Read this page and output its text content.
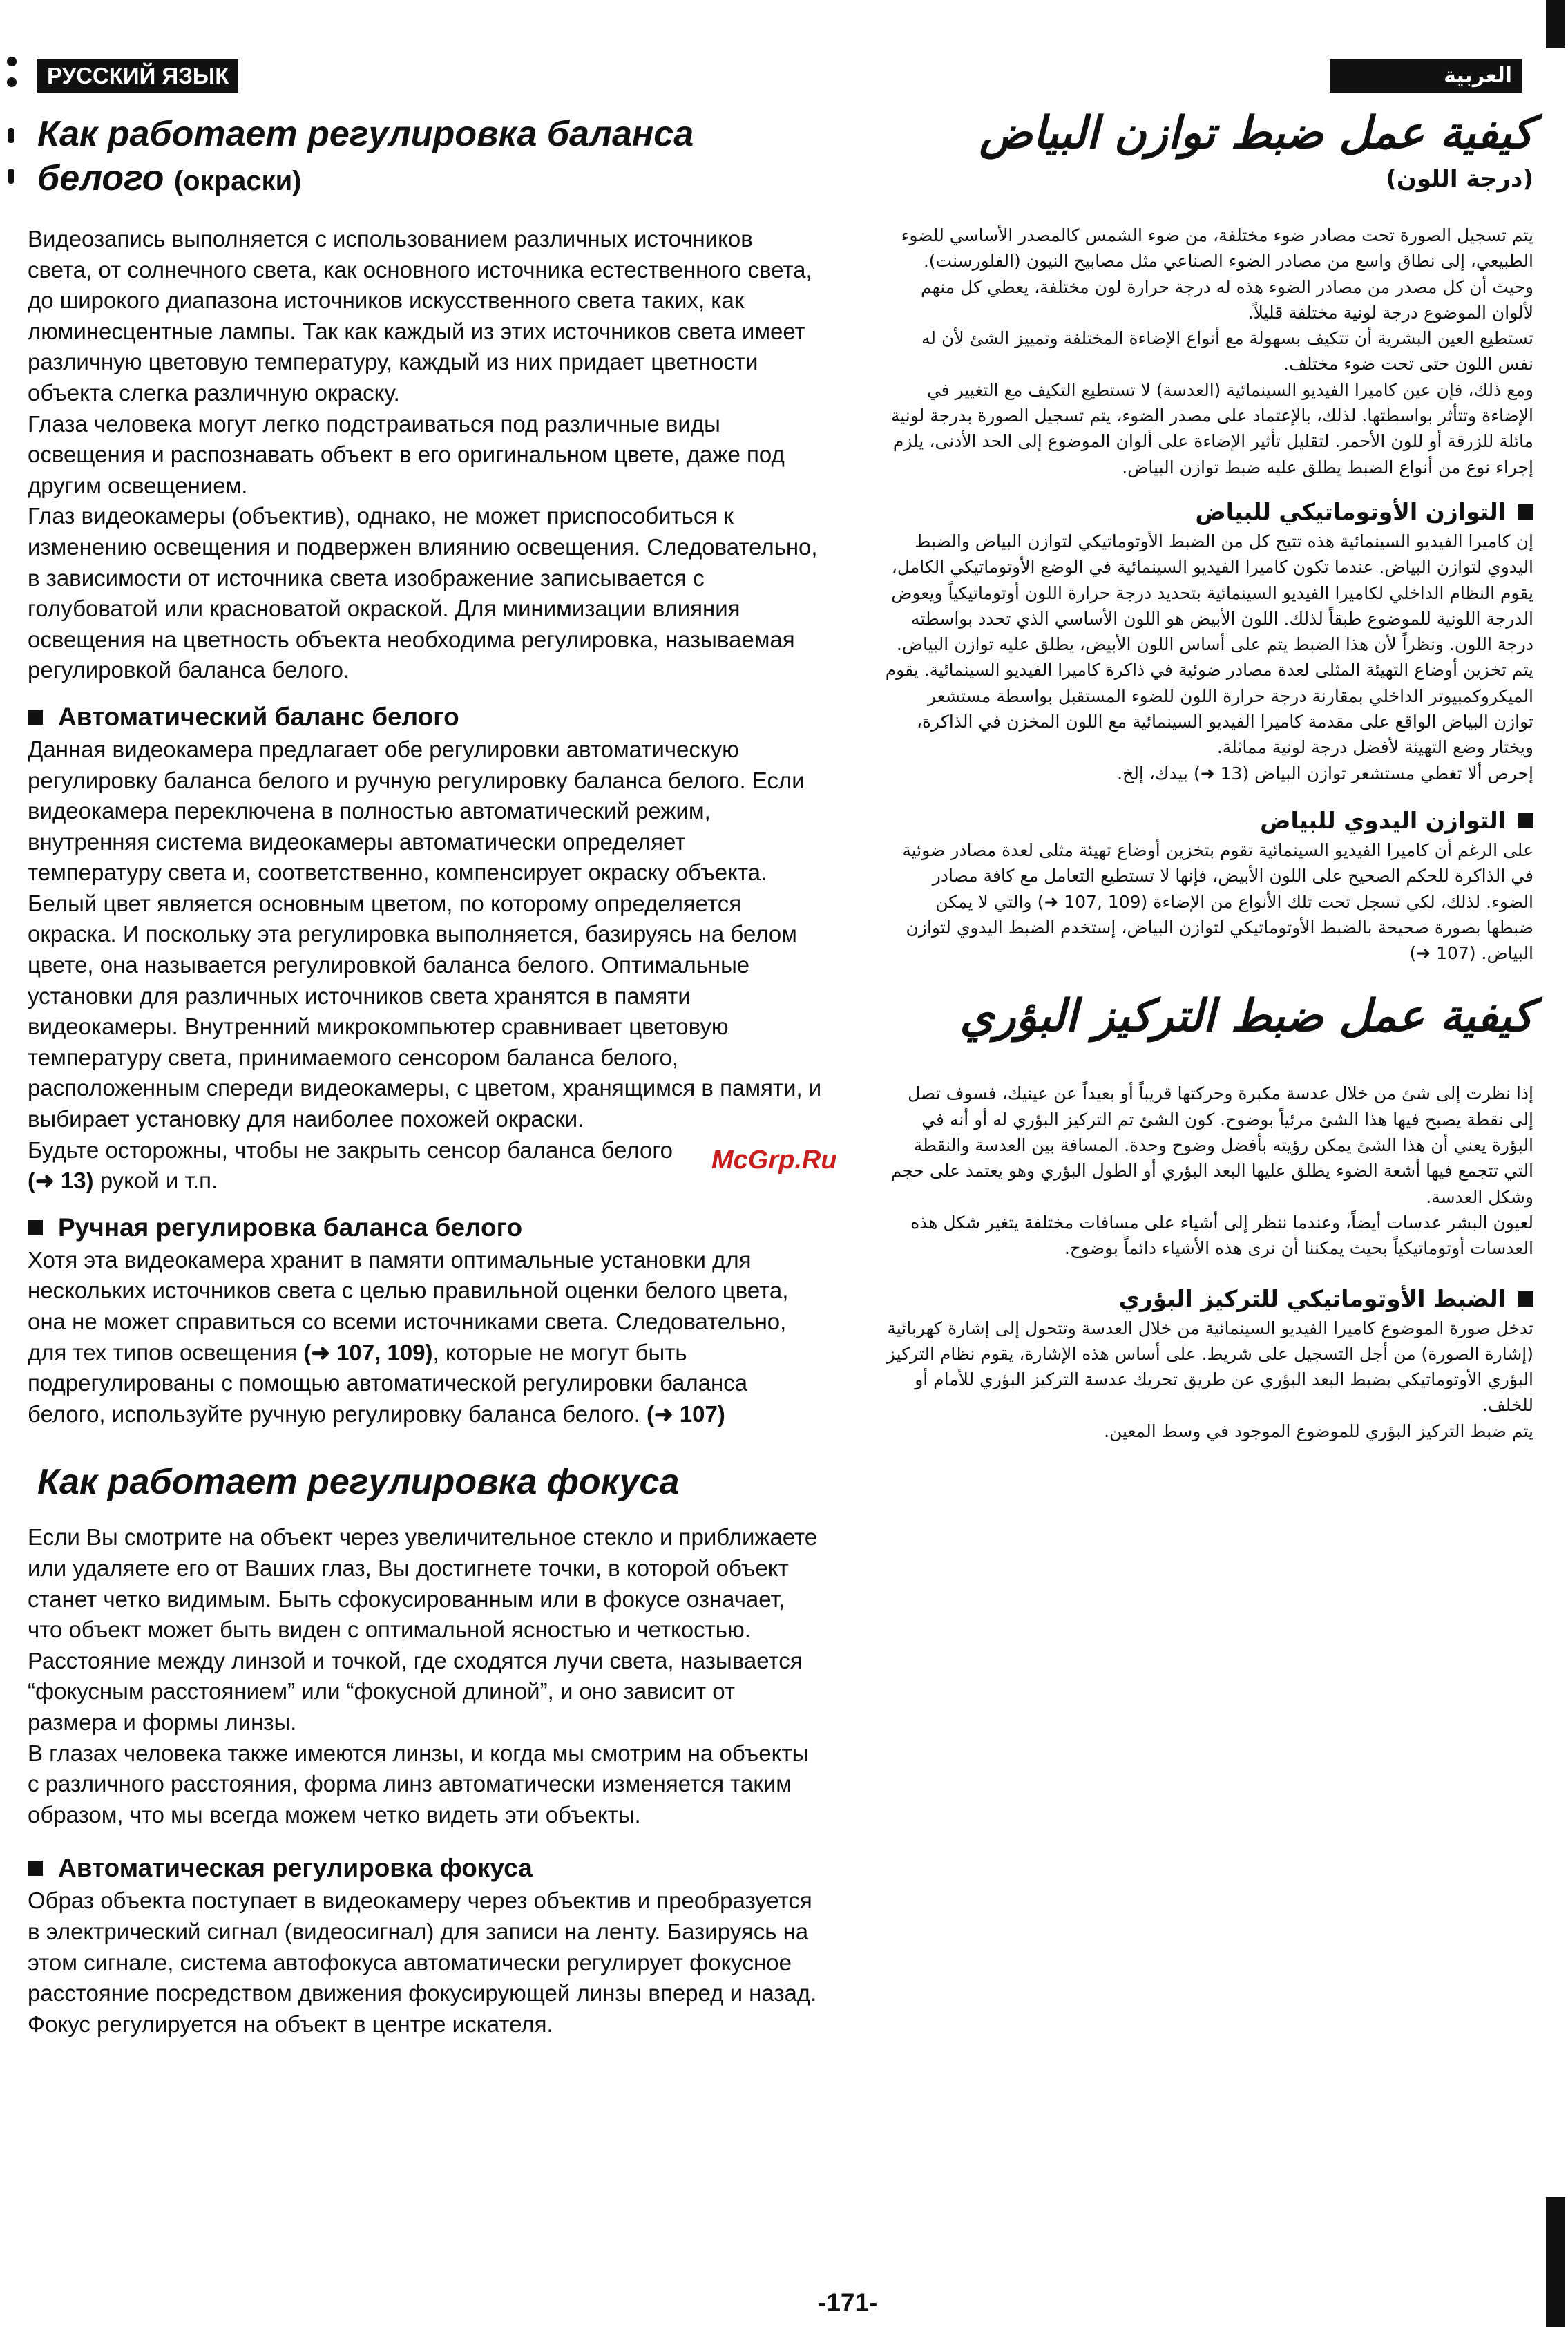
РУССКИЙ ЯЗЫК	العربية
Как работает регулировка баланса
белого (окраски)

Видеозапись выполняется с использованием различных источников света, от солнечного света, как основного источника естественного света, до широкого диапазона источников искусственного света таких, как люминесцентные лампы. Так как каждый из этих источников света имеет различную цветовую температуру, каждый из них придает цветности объекта слегка различную окраску.

Глаза человека могут легко подстраиваться под различные виды освещения и распознавать объект в его оригинальном цвете, даже под другим освещением.

Глаз видеокамеры (объектив), однако, не может приспособиться к изменению освещения и подвержен влиянию освещения. Следовательно, в зависимости от источника света изображение записывается с голубоватой или красноватой окраской. Для минимизации влияния освещения на цветность объекта необходима регулировка, называемая регулировкой баланса белого.

Автоматический баланс белого

Данная видеокамера предлагает обе регулировки автоматическую регулировку баланса белого и ручную регулировку баланса белого. Если видеокамера переключена в полностью автоматический режим, внутренняя система видеокамеры автоматически определяет температуру света и, соответственно, компенсирует окраску объекта. Белый цвет является основным цветом, по которому определяется окраска. И поскольку эта регулировка выполняется, базируясь на белом цвете, она называется регулировкой баланса белого. Оптимальные установки для различных источников света хранятся в памяти видеокамеры. Внутренний микрокомпьютер сравнивает цветовую температуру света, принимаемого сенсором баланса белого, расположенным спереди видеокамеры, с цветом, хранящимся в памяти, и выбирает установку для наиболее похожей окраски.

Будьте осторожны, чтобы не закрыть сенсор баланса белого
(➜ 13) рукой и т.п.

Ручная регулировка баланса белого

Хотя эта видеокамера хранит в памяти оптимальные установки для нескольких источников света с целью правильной оценки белого цвета, она не может справиться со всеми источниками света. Следовательно, для тех типов освещения (➜ 107, 109), которые не могут быть подрегулированы с помощью автоматической регулировки баланса белого, используйте ручную регулировку баланса белого. (➜ 107)

Как работает регулировка фокуса

Если Вы смотрите на объект через увеличительное стекло и приближаете или удаляете его от Ваших глаз, Вы достигнете точки, в которой объект станет четко видимым. Быть сфокусированным или в фокусе означает, что объект может быть виден с оптимальной ясностью и четкостью. Расстояние между линзой и точкой, где сходятся лучи света, называется “фокусным расстоянием” или “фокусной длиной”, и оно зависит от размера и формы линзы.

В глазах человека также имеются линзы, и когда мы смотрим на объекты с различного расстояния, форма линз автоматически изменяется таким образом, что мы всегда можем четко видеть эти объекты.

Автоматическая регулировка фокуса

Образ объекта поступает в видеокамеру через объектив и преобразуется в электрический сигнал (видеосигнал) для записи на ленту. Базируясь на этом сигнале, система автофокуса автоматически регулирует фокусное расстояние посредством движения фокусирующей линзы вперед и назад. Фокус регулируется на объект в центре искателя.

كيفية عمل ضبط توازن البياض

(درجة اللون)

يتم تسجيل الصورة تحت مصادر ضوء مختلفة، من ضوء الشمس كالمصدر الأساسي للضوء الطبيعي، إلى نطاق واسع من مصادر الضوء الصناعي مثل مصابيح النيون (الفلورسنت). وحيث أن كل مصدر من مصادر الضوء هذه له درجة حرارة لون مختلفة، يعطي كل منهم لألوان الموضوع درجة لونية مختلفة قليلاً.

تستطيع العين البشرية أن تتكيف بسهولة مع أنواع الإضاءة المختلفة وتمييز الشئ لأن له نفس اللون حتى تحت ضوء مختلف.

ومع ذلك، فإن عين كاميرا الفيديو السينمائية (العدسة) لا تستطيع التكيف مع التغيير في الإضاءة وتتأثر بواسطتها. لذلك، بالإعتماد على مصدر الضوء، يتم تسجيل الصورة بدرجة لونية مائلة للزرقة أو للون الأحمر. لتقليل تأثير الإضاءة على ألوان الموضوع إلى الحد الأدنى، يلزم إجراء نوع من أنواع الضبط يطلق عليه ضبط توازن البياض.

التوازن الأوتوماتيكي للبياض

إن كاميرا الفيديو السينمائية هذه تتيح كل من الضبط الأوتوماتيكي لتوازن البياض والضبط اليدوي لتوازن البياض. عندما تكون كاميرا الفيديو السينمائية في الوضع الأوتوماتيكي الكامل، يقوم النظام الداخلي لكاميرا الفيديو السينمائية بتحديد درجة حرارة اللون أوتوماتيكياً ويعوض الدرجة اللونية للموضوع طبقاً لذلك. اللون الأبيض هو اللون الأساسي الذي تحدد بواسطته درجة اللون. ونظراً لأن هذا الضبط يتم على أساس اللون الأبيض، يطلق عليه توازن البياض. يتم تخزين أوضاع التهيئة المثلى لعدة مصادر ضوئية في ذاكرة كاميرا الفيديو السينمائية. يقوم الميكروكمبيوتر الداخلي بمقارنة درجة حرارة اللون للضوء المستقبل بواسطة مستشعر توازن البياض الواقع على مقدمة كاميرا الفيديو السينمائية مع اللون المخزن في الذاكرة، ويختار وضع التهيئة لأفضل درجة لونية مماثلة.

إحرص ألا تغطي مستشعر توازن البياض (13 ➜) بيدك، إلخ.

التوازن اليدوي للبياض

على الرغم أن كاميرا الفيديو السينمائية تقوم بتخزين أوضاع تهيئة مثلى لعدة مصادر ضوئية في الذاكرة للحكم الصحيح على اللون الأبيض، فإنها لا تستطيع التعامل مع كافة مصادر الضوء. لذلك، لكي تسجل تحت تلك الأنواع من الإضاءة (109 ,107 ➜) والتي لا يمكن ضبطها بصورة صحيحة بالضبط الأوتوماتيكي لتوازن البياض، إستخدم الضبط اليدوي لتوازن البياض. (107 ➜)

كيفية عمل ضبط التركيز البؤري

إذا نظرت إلى شئ من خلال عدسة مكبرة وحركتها قريباً أو بعيداً عن عينيك، فسوف تصل إلى نقطة يصبح فيها هذا الشئ مرئياً بوضوح. كون الشئ تم التركيز البؤري له أو أنه في البؤرة يعني أن هذا الشئ يمكن رؤيته بأفضل وضوح وحدة. المسافة بين العدسة والنقطة التي تتجمع فيها أشعة الضوء يطلق عليها البعد البؤري أو الطول البؤري وهو يعتمد على حجم وشكل العدسة.

لعيون البشر عدسات أيضاً، وعندما ننظر إلى أشياء على مسافات مختلفة يتغير شكل هذه العدسات أوتوماتيكياً بحيث يمكننا أن نرى هذه الأشياء دائماً بوضوح.

الضبط الأوتوماتيكي للتركيز البؤري

تدخل صورة الموضوع كاميرا الفيديو السينمائية من خلال العدسة وتتحول إلى إشارة كهربائية (إشارة الصورة) من أجل التسجيل على شريط. على أساس هذه الإشارة، يقوم نظام التركيز البؤري الأوتوماتيكي بضبط البعد البؤري عن طريق تحريك عدسة التركيز البؤري للأمام أو للخلف.

يتم ضبط التركيز البؤري للموضوع الموجود في وسط المعين.

McGrp.Ru
-171-
